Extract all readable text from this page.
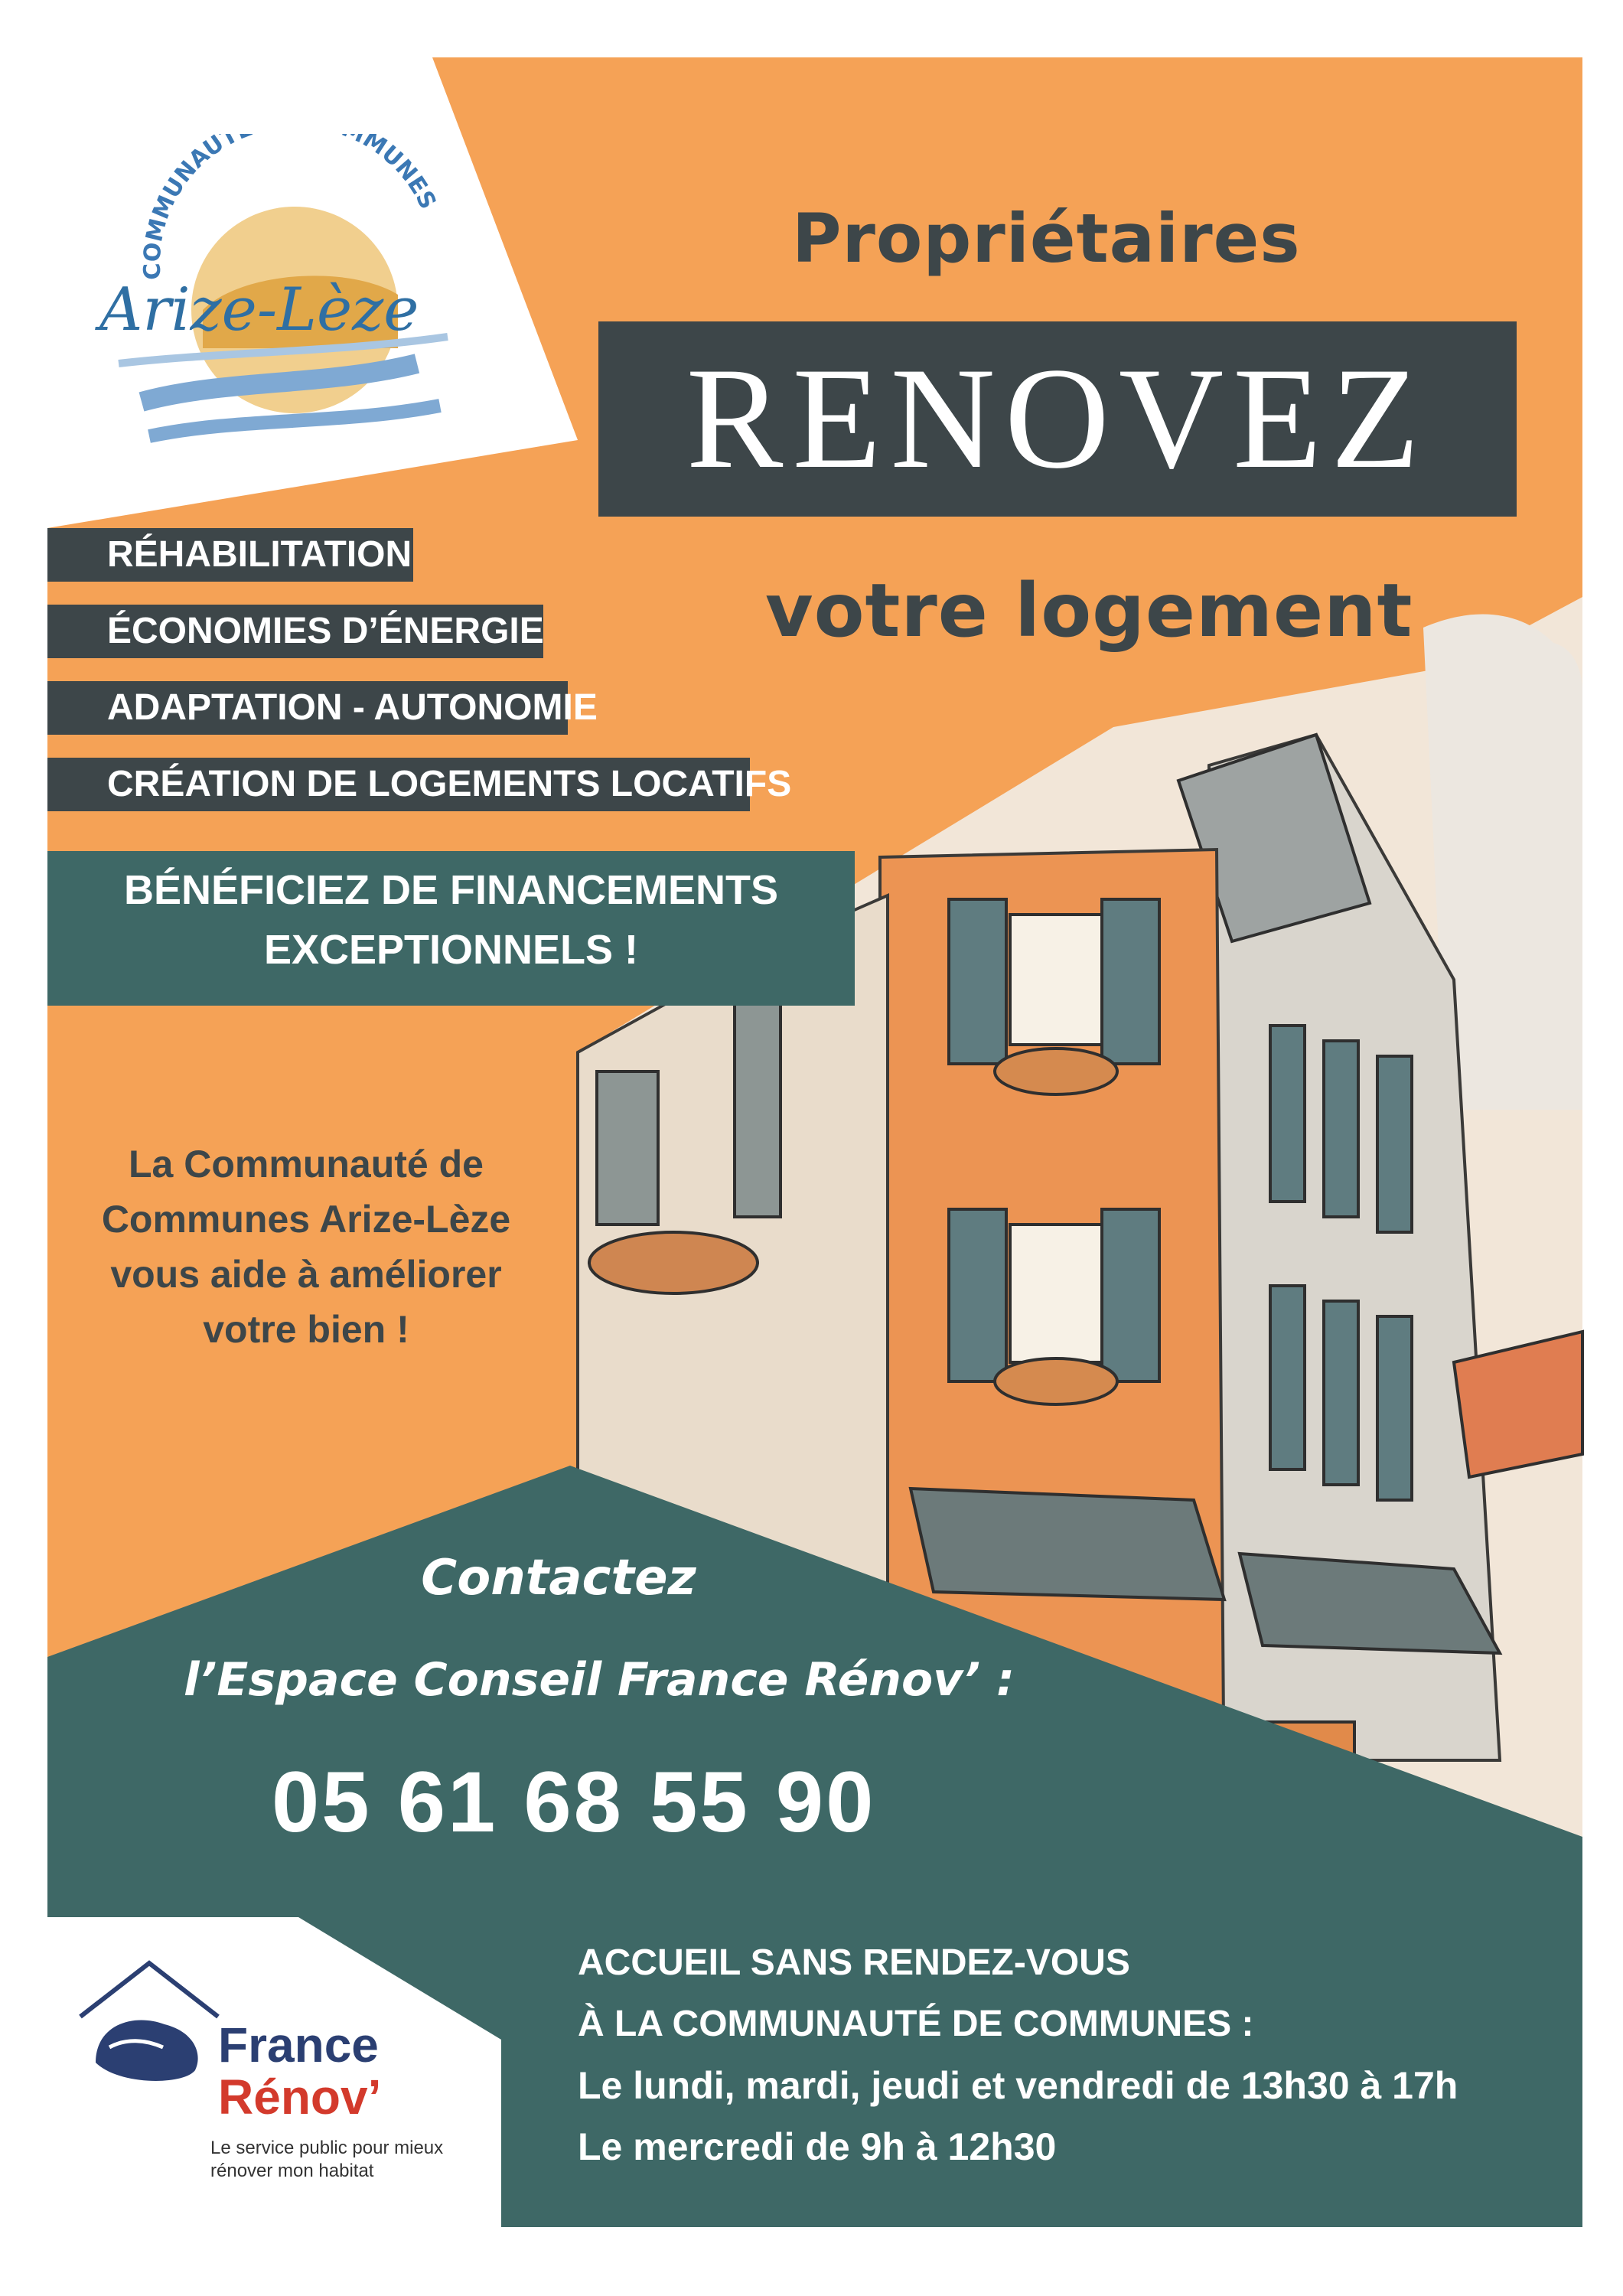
COMMUNAUT MUNES
Arize-Lèze
Propriétaires
RENOVEZ
votre logement
RÉHABILITATION
ÉCONOMIES D’ÉNERGIE
ADAPTATION - AUTONOMIE
CRÉATION DE LOGEMENTS LOCATIFS
BÉNÉFICIEZ DE FINANCEMENTS
EXCEPTIONNELS !
La Communauté de
Communes Arize-Lèze
vous aide à améliorer
votre bien !
Contactez
l’Espace Conseil France Rénov’ :
05 61 68 55 90
France
Rénov’
Le service public pour mieux
rénover mon habitat
ACCUEIL SANS RENDEZ-VOUS
À LA COMMUNAUTÉ DE COMMUNES :
Le lundi, mardi, jeudi et vendredi de 13h30 à 17h
Le mercredi de 9h à 12h30
